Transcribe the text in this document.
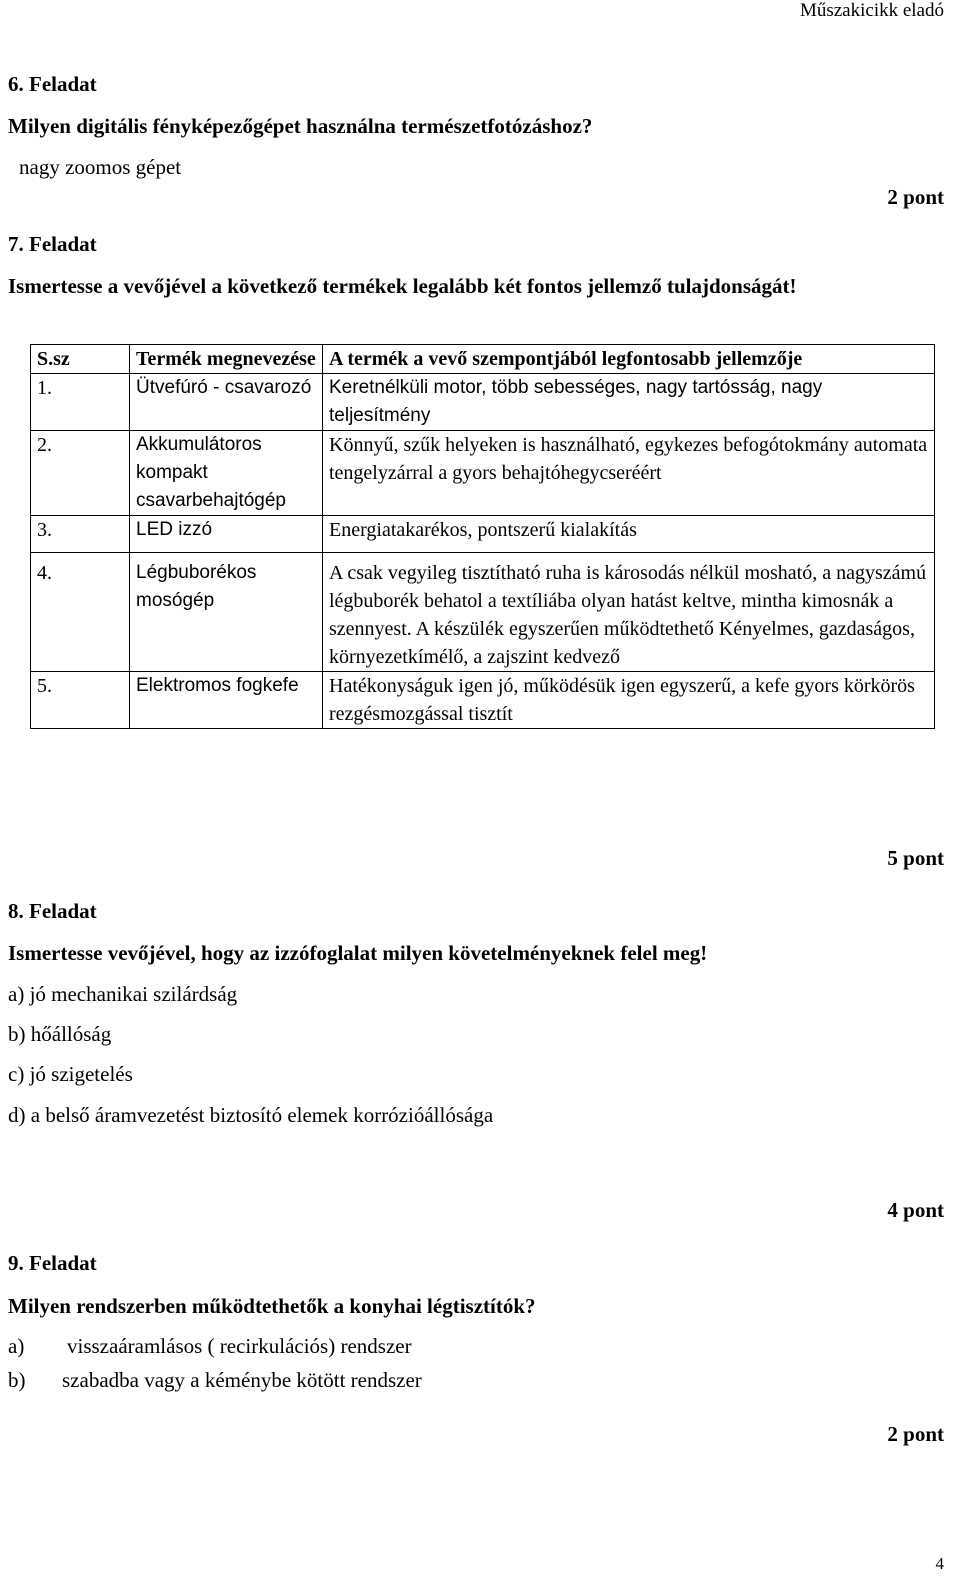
Műszakicikk eladó
6. Feladat
Milyen digitális fényképezőgépet használna természetfotózáshoz?
nagy zoomos gépet
2 pont
7. Feladat
Ismertesse a vevőjével a következő termékek legalább két fontos jellemző tulajdonságát!
S.sz	Termék megnevezése	A termék a vevő szempontjából legfontosabb jellemzője
1.	Ütvefúró - csavarozó	Keretnélküli motor, több sebességes, nagy tartósság, nagy teljesítmény
2.	Akkumulátoros kompakt csavarbehajtógép	Könnyű, szűk helyeken is használható, egykezes befogótokmány automata tengelyzárral a gyors behajtóhegycseréért
3.	LED izzó	Energiatakarékos, pontszerű kialakítás
4.	Légbuborékos mosógép	A csak vegyileg tisztítható ruha is károsodás nélkül mosható, a nagyszámú légbuborék behatol a textíliába olyan hatást keltve, mintha kimosnák a szennyest. A készülék egyszerűen működtethető Kényelmes, gazdaságos, környezetkímélő, a zajszint kedvező
5.	Elektromos fogkefe	Hatékonyságuk igen jó, működésük igen egyszerű, a kefe gyors körkörös rezgésmozgással tisztít
5 pont
8. Feladat
Ismertesse vevőjével, hogy az izzófoglalat milyen követelményeknek felel meg!
a) jó mechanikai szilárdság
b) hőállóság
c) jó szigetelés
d) a belső áramvezetést biztosító elemek korrózióállósága
4 pont
9. Feladat
Milyen rendszerben működtethetők a konyhai légtisztítók?
a) visszaáramlásos ( recirkulációs) rendszer
b) szabadba vagy a kéménybe kötött rendszer
2 pont
4
